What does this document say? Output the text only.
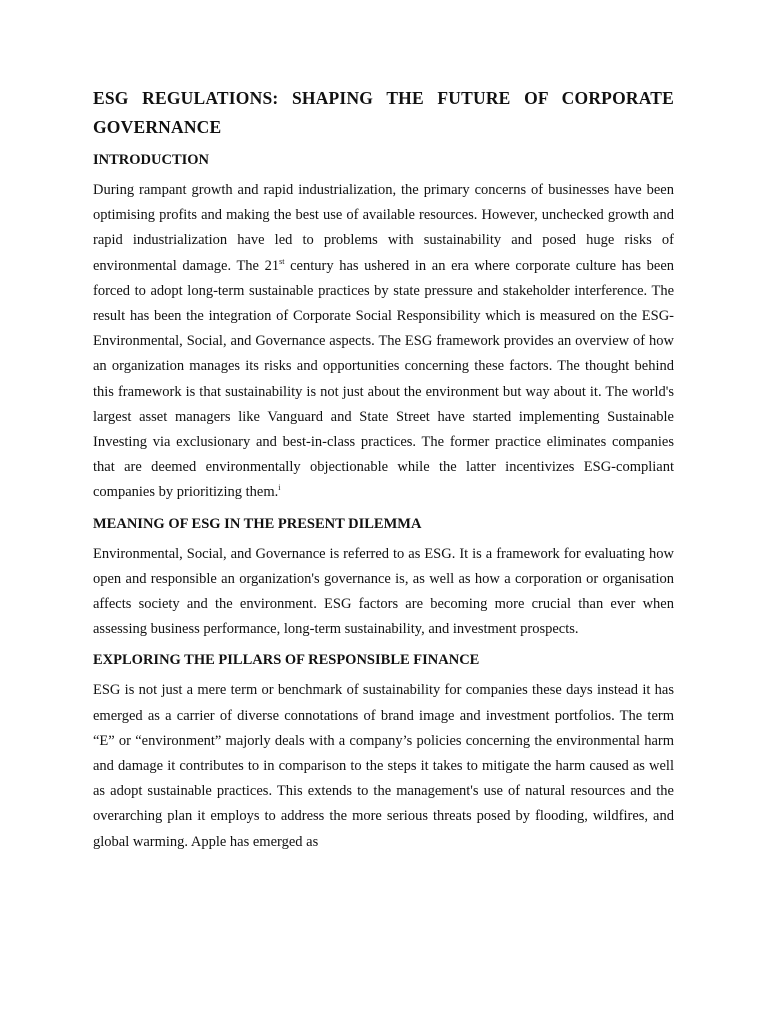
ESG REGULATIONS: SHAPING THE FUTURE OF CORPORATE GOVERNANCE
INTRODUCTION

During rampant growth and rapid industrialization, the primary concerns of businesses have been optimising profits and making the best use of available resources. However, unchecked growth and rapid industrialization have led to problems with sustainability and posed huge risks of environmental damage. The 21st century has ushered in an era where corporate culture has been forced to adopt long-term sustainable practices by state pressure and stakeholder interference. The result has been the integration of Corporate Social Responsibility which is measured on the ESG- Environmental, Social, and Governance aspects. The ESG framework provides an overview of how an organization manages its risks and opportunities concerning these factors. The thought behind this framework is that sustainability is not just about the environment but way about it. The world's largest asset managers like Vanguard and State Street have started implementing Sustainable Investing via exclusionary and best-in-class practices. The former practice eliminates companies that are deemed environmentally objectionable while the latter incentivizes ESG-compliant companies by prioritizing them.$^i$

MEANING OF ESG IN THE PRESENT DILEMMA

Environmental, Social, and Governance is referred to as ESG. It is a framework for evaluating how open and responsible an organization's governance is, as well as how a corporation or organisation affects society and the environment. ESG factors are becoming more crucial than ever when assessing business performance, long-term sustainability, and investment prospects.

EXPLORING THE PILLARS OF RESPONSIBLE FINANCE

ESG is not just a mere term or benchmark of sustainability for companies these days instead it has emerged as a carrier of diverse connotations of brand image and investment portfolios. The term “E” or “environment” majorly deals with a company’s policies concerning the environmental harm and damage it contributes to in comparison to the steps it takes to mitigate the harm caused as well as adopt sustainable practices. This extends to the management's use of natural resources and the overarching plan it employs to address the more serious threats posed by flooding, wildfires, and global warming. Apple has emerged as
